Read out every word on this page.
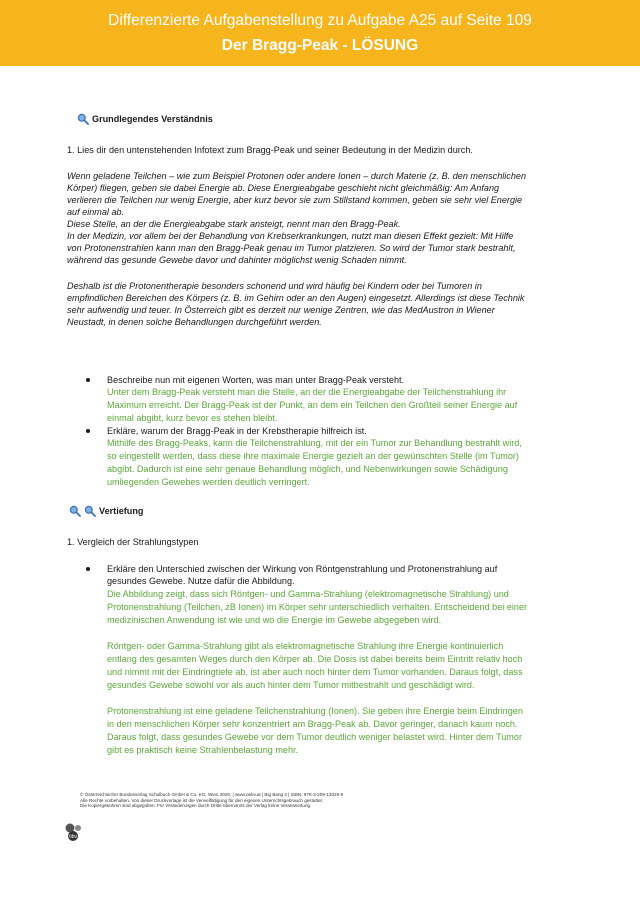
Differenzierte Aufgabenstellung zu Aufgabe A25 auf Seite 109
Der Bragg-Peak - LÖSUNG
Grundlegendes Verständnis
1. Lies dir den untenstehenden Infotext zum Bragg-Peak und seiner Bedeutung in der Medizin durch.
Wenn geladene Teilchen – wie zum Beispiel Protonen oder andere Ionen – durch Materie (z. B. den menschlichen
Körper) fliegen, geben sie dabei Energie ab. Diese Energieabgabe geschieht nicht gleichmäßig: Am Anfang
verlieren die Teilchen nur wenig Energie, aber kurz bevor sie zum Stillstand kommen, geben sie sehr viel Energie
auf einmal ab.
Diese Stelle, an der die Energieabgabe stark ansteigt, nennt man den Bragg-Peak.
In der Medizin, vor allem bei der Behandlung von Krebserkrankungen, nutzt man diesen Effekt gezielt: Mit Hilfe
von Protonenstrahlen kann man den Bragg-Peak genau im Tumor platzieren. So wird der Tumor stark bestrahlt,
während das gesunde Gewebe davor und dahinter möglichst wenig Schaden nimmt.
Deshalb ist die Protonentherapie besonders schonend und wird häufig bei Kindern oder bei Tumoren in
empfindlichen Bereichen des Körpers (z. B. im Gehirn oder an den Augen) eingesetzt. Allerdings ist diese Technik
sehr aufwendig und teuer. In Österreich gibt es derzeit nur wenige Zentren, wie das MedAustron in Wiener
Neustadt, in denen solche Behandlungen durchgeführt werden.
Beschreibe nun mit eigenen Worten, was man unter Bragg-Peak versteht.
Unter dem Bragg-Peak versteht man die Stelle, an der die Energieabgabe der Teilchenstrahlung ihr
Maximum erreicht. Der Bragg-Peak ist der Punkt, an dem ein Teilchen den Großteil seiner Energie auf
einmal abgibt, kurz bevor es stehen bleibt.
Erkläre, warum der Bragg-Peak in der Krebstherapie hilfreich ist.
Mithilfe des Bragg-Peaks, kann die Teilchenstrahlung, mit der ein Tumor zur Behandlung bestrahlt wird,
so eingestellt werden, dass diese ihre maximale Energie gezielt an der gewünschten Stelle (im Tumor)
abgibt. Dadurch ist eine sehr genaue Behandlung möglich, und Nebenwirkungen sowie Schädigung
umliegenden Gewebes werden deutlich verringert.
Vertiefung
1. Vergleich der Strahlungstypen
Erkläre den Unterschied zwischen der Wirkung von Röntgenstrahlung und Protonenstrahlung auf
gesundes Gewebe. Nutze dafür die Abbildung.
Die Abbildung zeigt, dass sich Röntgen- und Gamma-Strahlung (elektromagnetische Strahlung) und
Protonenstrahlung (Teilchen, zB Ionen) im Körper sehr unterschiedlich verhalten. Entscheidend bei einer
medizinischen Anwendung ist wie und wo die Energie im Gewebe abgegeben wird.
Röntgen- oder Gamma-Strahlung gibt als elektromagnetische Strahlung ihre Energie kontinuierlich
entlang des gesamten Weges durch den Körper ab. Die Dosis ist dabei bereits beim Eintritt relativ hoch
und nimmt mit der Eindringtiefe ab, ist aber auch noch hinter dem Tumor vorhanden. Daraus folgt, dass
gesundes Gewebe sowohl vor als auch hinter dem Tumor mitbestrahlt und geschädigt wird.
Protonenstrahlung ist eine geladene Teilchenstrahlung (Ionen). Sie geben ihre Energie beim Eindringen
in den menschlichen Körper sehr konzentriert am Bragg-Peak ab. Davor geringer, danach kaum noch.
Daraus folgt, dass gesundes Gewebe vor dem Tumor deutlich weniger belastet wird. Hinter dem Tumor
gibt es praktisch keine Strahlenbelastung mehr.
öbv
© Österreichischer Bundesverlag Schulbuch GmbH & Co. KG, Wien 2026. | www.oebv.at | Big Bang 4 | ISBN: 978-3-209-13025-9
Alle Rechte vorbehalten. Von dieser Druckvorlage ist die Vervielfältigung für den eigenen Unterrichtsgebrauch gestattet.
Die Kopiergebühren sind abgegolten. Für Veränderungen durch Dritte übernimmt der Verlag keine Verantwortung.
